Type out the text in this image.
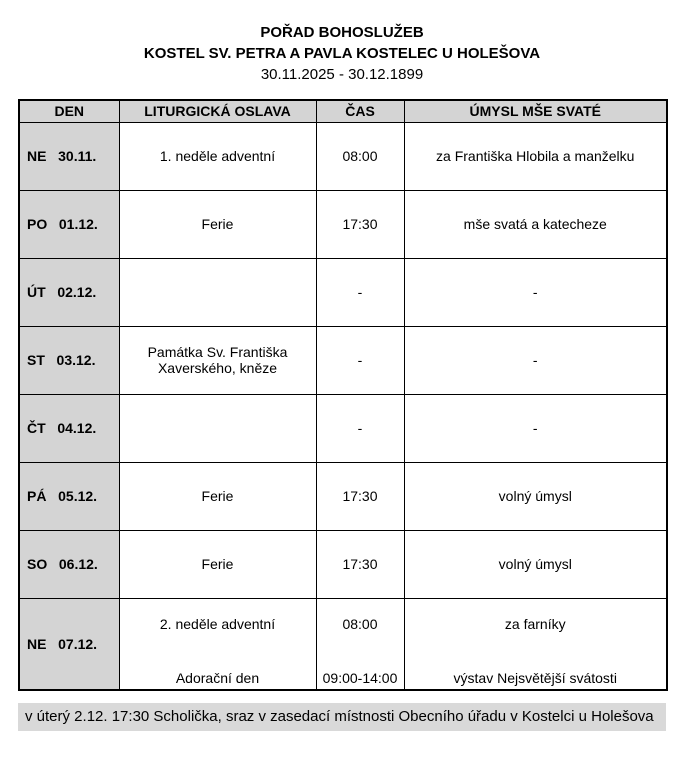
POŘAD BOHOSLUŽEB
KOSTEL SV. PETRA A PAVLA KOSTELEC U HOLEŠOVA
30.11.2025 - 30.12.1899
DEN	LITURGICKÁ OSLAVA	ČAS	ÚMYSL MŠE SVATÉ
NE   30.11.	1. neděle adventní	08:00	za Františka Hlobila a manželku
PO   01.12.	Ferie	17:30	mše svatá a katecheze
ÚT   02.12.		-	-
ST   03.12.	Památka Sv. Františka Xaverského, kněze	-	-
ČT   04.12.		-	-
PÁ   05.12.	Ferie	17:30	volný úmysl
SO   06.12.	Ferie	17:30	volný úmysl
NE   07.12.	2. neděle adventní	08:00	za farníky
	Adorační den	09:00-14:00	výstav Nejsvětější svátosti
v úterý 2.12. 17:30 Scholička, sraz v zasedací místnosti Obecního úřadu v Kostelci u Holešova
